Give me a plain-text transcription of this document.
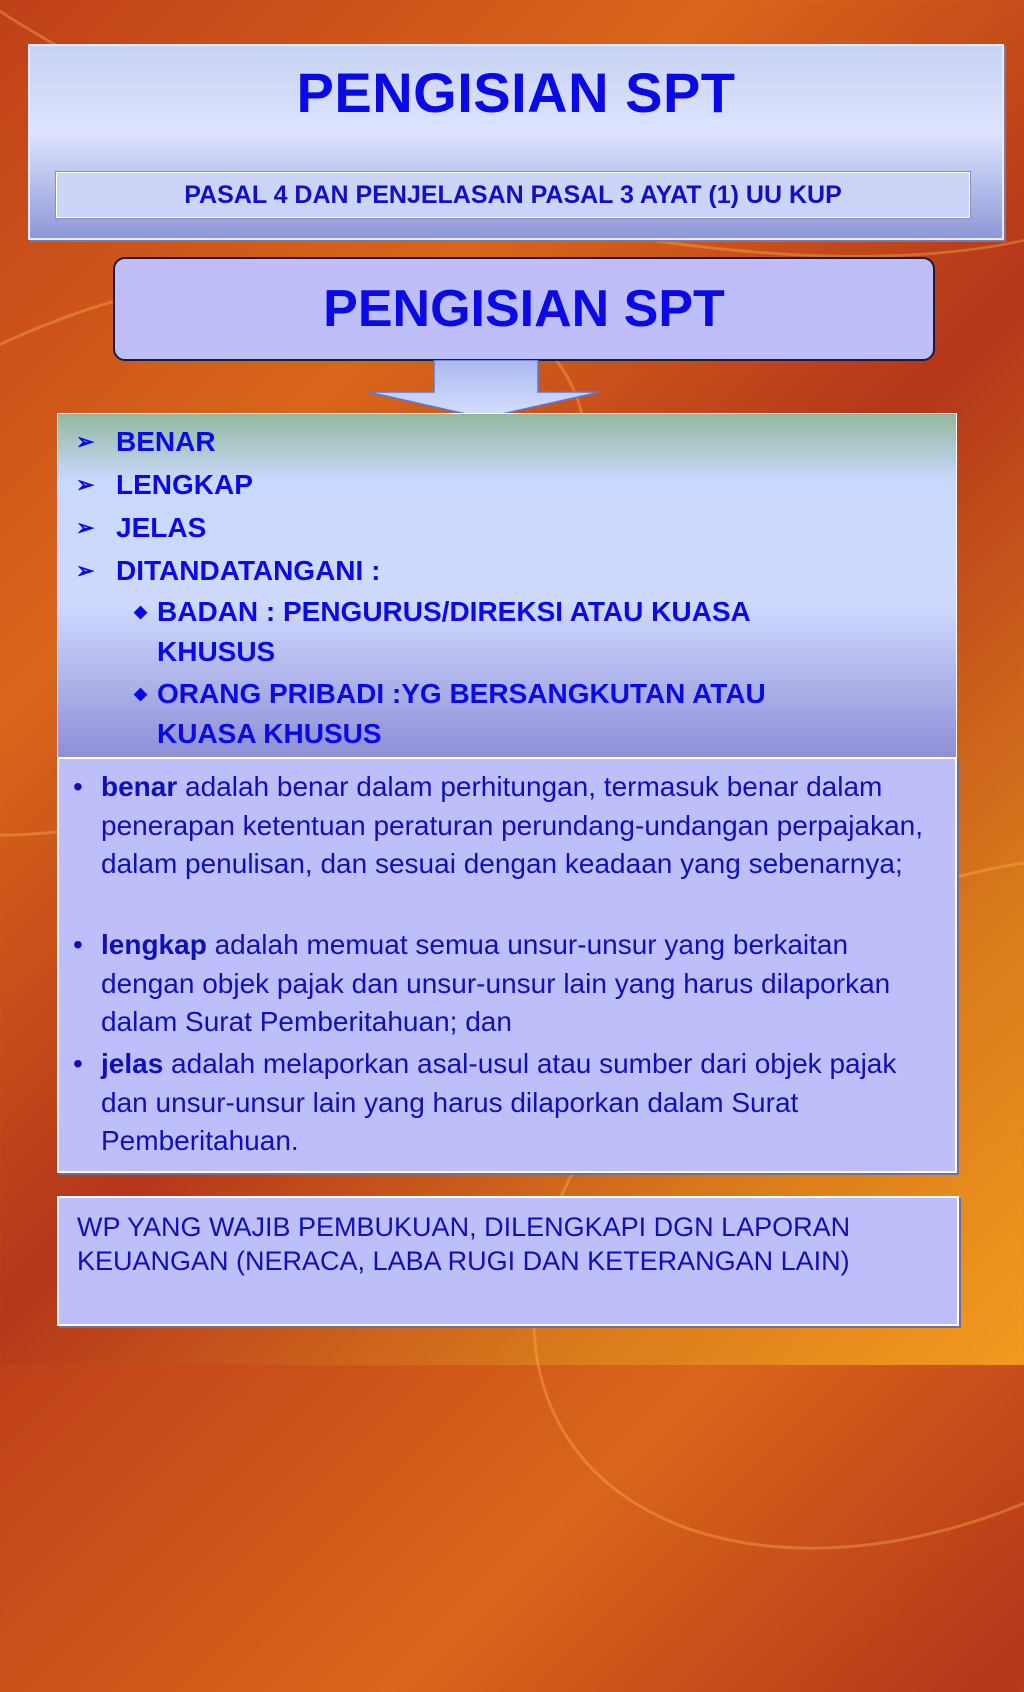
PENGISIAN SPT
PASAL 4 DAN PENJELASAN PASAL 3 AYAT (1) UU KUP
PENGISIAN SPT
➢ BENAR
➢ LENGKAP
➢ JELAS
➢ DITANDATANGANI :
◆ BADAN : PENGURUS/DIREKSI ATAU KUASA
KHUSUS
◆ ORANG PRIBADI :YG BERSANGKUTAN ATAU
KUASA KHUSUS
• benar adalah benar dalam perhitungan, termasuk benar dalam penerapan ketentuan peraturan perundang-undangan perpajakan, dalam penulisan, dan sesuai dengan keadaan yang sebenarnya;
• lengkap adalah memuat semua unsur-unsur yang berkaitan dengan objek pajak dan unsur-unsur lain yang harus dilaporkan dalam Surat Pemberitahuan; dan
• jelas adalah melaporkan asal-usul atau sumber dari objek pajak dan unsur-unsur lain yang harus dilaporkan dalam Surat Pemberitahuan.
WP YANG WAJIB PEMBUKUAN, DILENGKAPI DGN LAPORAN KEUANGAN (NERACA, LABA RUGI DAN KETERANGAN LAIN)
